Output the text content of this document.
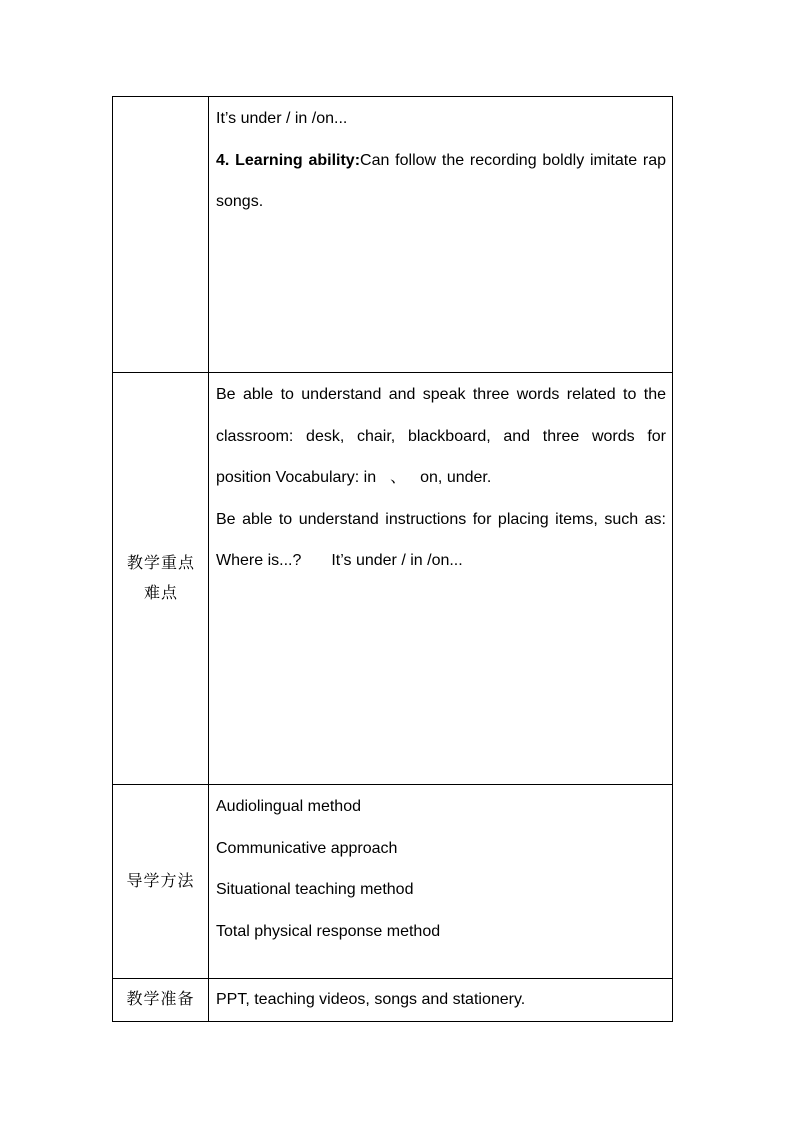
	It’s under / in /on...

4. Learning ability:Can follow the recording boldly imitate rap songs.

教学重点难点	Be able to understand and speak three words related to the classroom: desk, chair, blackboard, and three words for position Vocabulary: in 、 on, under.

Be able to understand instructions for placing items, such as: Where is...? It’s under / in /on...

导学方法	Audiolingual method

Communicative approach

Situational teaching method

Total physical response method

教学准备	PPT, teaching videos, songs and stationery.
